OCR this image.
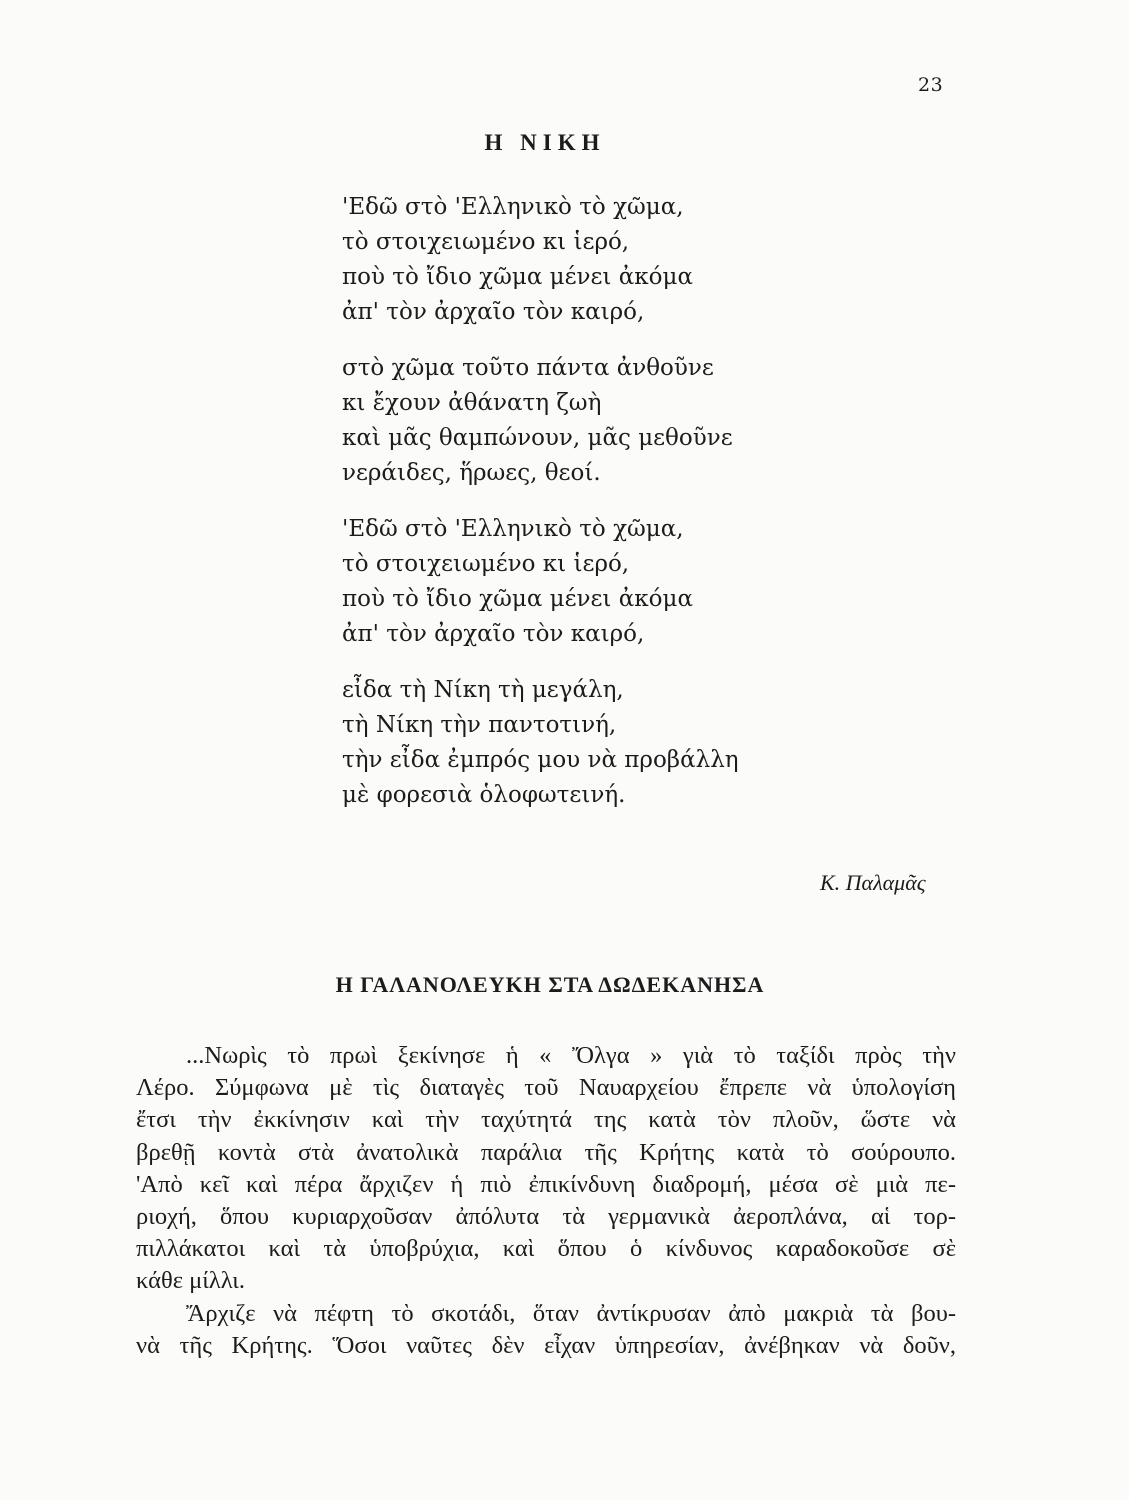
23
Η ΝΙΚΗ
'Εδῶ στὸ 'Ελληνικὸ τὸ χῶμα,
τὸ στοιχειωμένο κι ἱερό,
ποὺ τὸ ἴδιο χῶμα μένει ἀκόμα
ἀπ' τὸν ἀρχαῖο τὸν καιρό,
στὸ χῶμα τοῦτο πάντα ἀνθοῦνε
κι ἔχουν ἀθάνατη ζωὴ
καὶ μᾶς θαμπώνουν, μᾶς μεθοῦνε
νεράιδες, ἥρωες, θεοί.
'Εδῶ στὸ 'Ελληνικὸ τὸ χῶμα,
τὸ στοιχειωμένο κι ἱερό,
ποὺ τὸ ἴδιο χῶμα μένει ἀκόμα
ἀπ' τὸν ἀρχαῖο τὸν καιρό,
εἶδα τὴ Νίκη τὴ μεγάλη,
τὴ Νίκη τὴν παντοτινή,
τὴν εἶδα ἐμπρός μου νὰ προβάλλη
μὲ φορεσιὰ ὁλοφωτεινή.
Κ. Παλαμᾶς
Η ΓΑΛΑΝΟΛΕΥΚΗ ΣΤΑ ΔΩΔΕΚΑΝΗΣΑ
...Νωρὶς τὸ πρωὶ ξεκίνησε ἡ « Ὄλγα » γιὰ τὸ ταξίδι πρὸς τὴν
Λέρο. Σύμφωνα μὲ τὶς διαταγὲς τοῦ Ναυαρχείου ἔπρεπε νὰ ὑπολογίση
ἔτσι τὴν ἐκκίνησιν καὶ τὴν ταχύτητά της κατὰ τὸν πλοῦν, ὥστε νὰ
βρεθῇ κοντὰ στὰ ἀνατολικὰ παράλια τῆς Κρήτης κατὰ τὸ σούρουπο.
'Απὸ κεῖ καὶ πέρα ἄρχιζεν ἡ πιὸ ἐπικίνδυνη διαδρομή, μέσα σὲ μιὰ πε-
ριοχή, ὅπου κυριαρχοῦσαν ἀπόλυτα τὰ γερμανικὰ ἀεροπλάνα, αἱ τορ-
πιλλάκατοι καὶ τὰ ὑποβρύχια, καὶ ὅπου ὁ κίνδυνος καραδοκοῦσε σὲ
κάθε μίλλι.
Ἄρχιζε νὰ πέφτη τὸ σκοτάδι, ὅταν ἀντίκρυσαν ἀπὸ μακριὰ τὰ βου-
νὰ τῆς Κρήτης. Ὅσοι ναῦτες δὲν εἶχαν ὑπηρεσίαν, ἀνέβηκαν νὰ δοῦν,
